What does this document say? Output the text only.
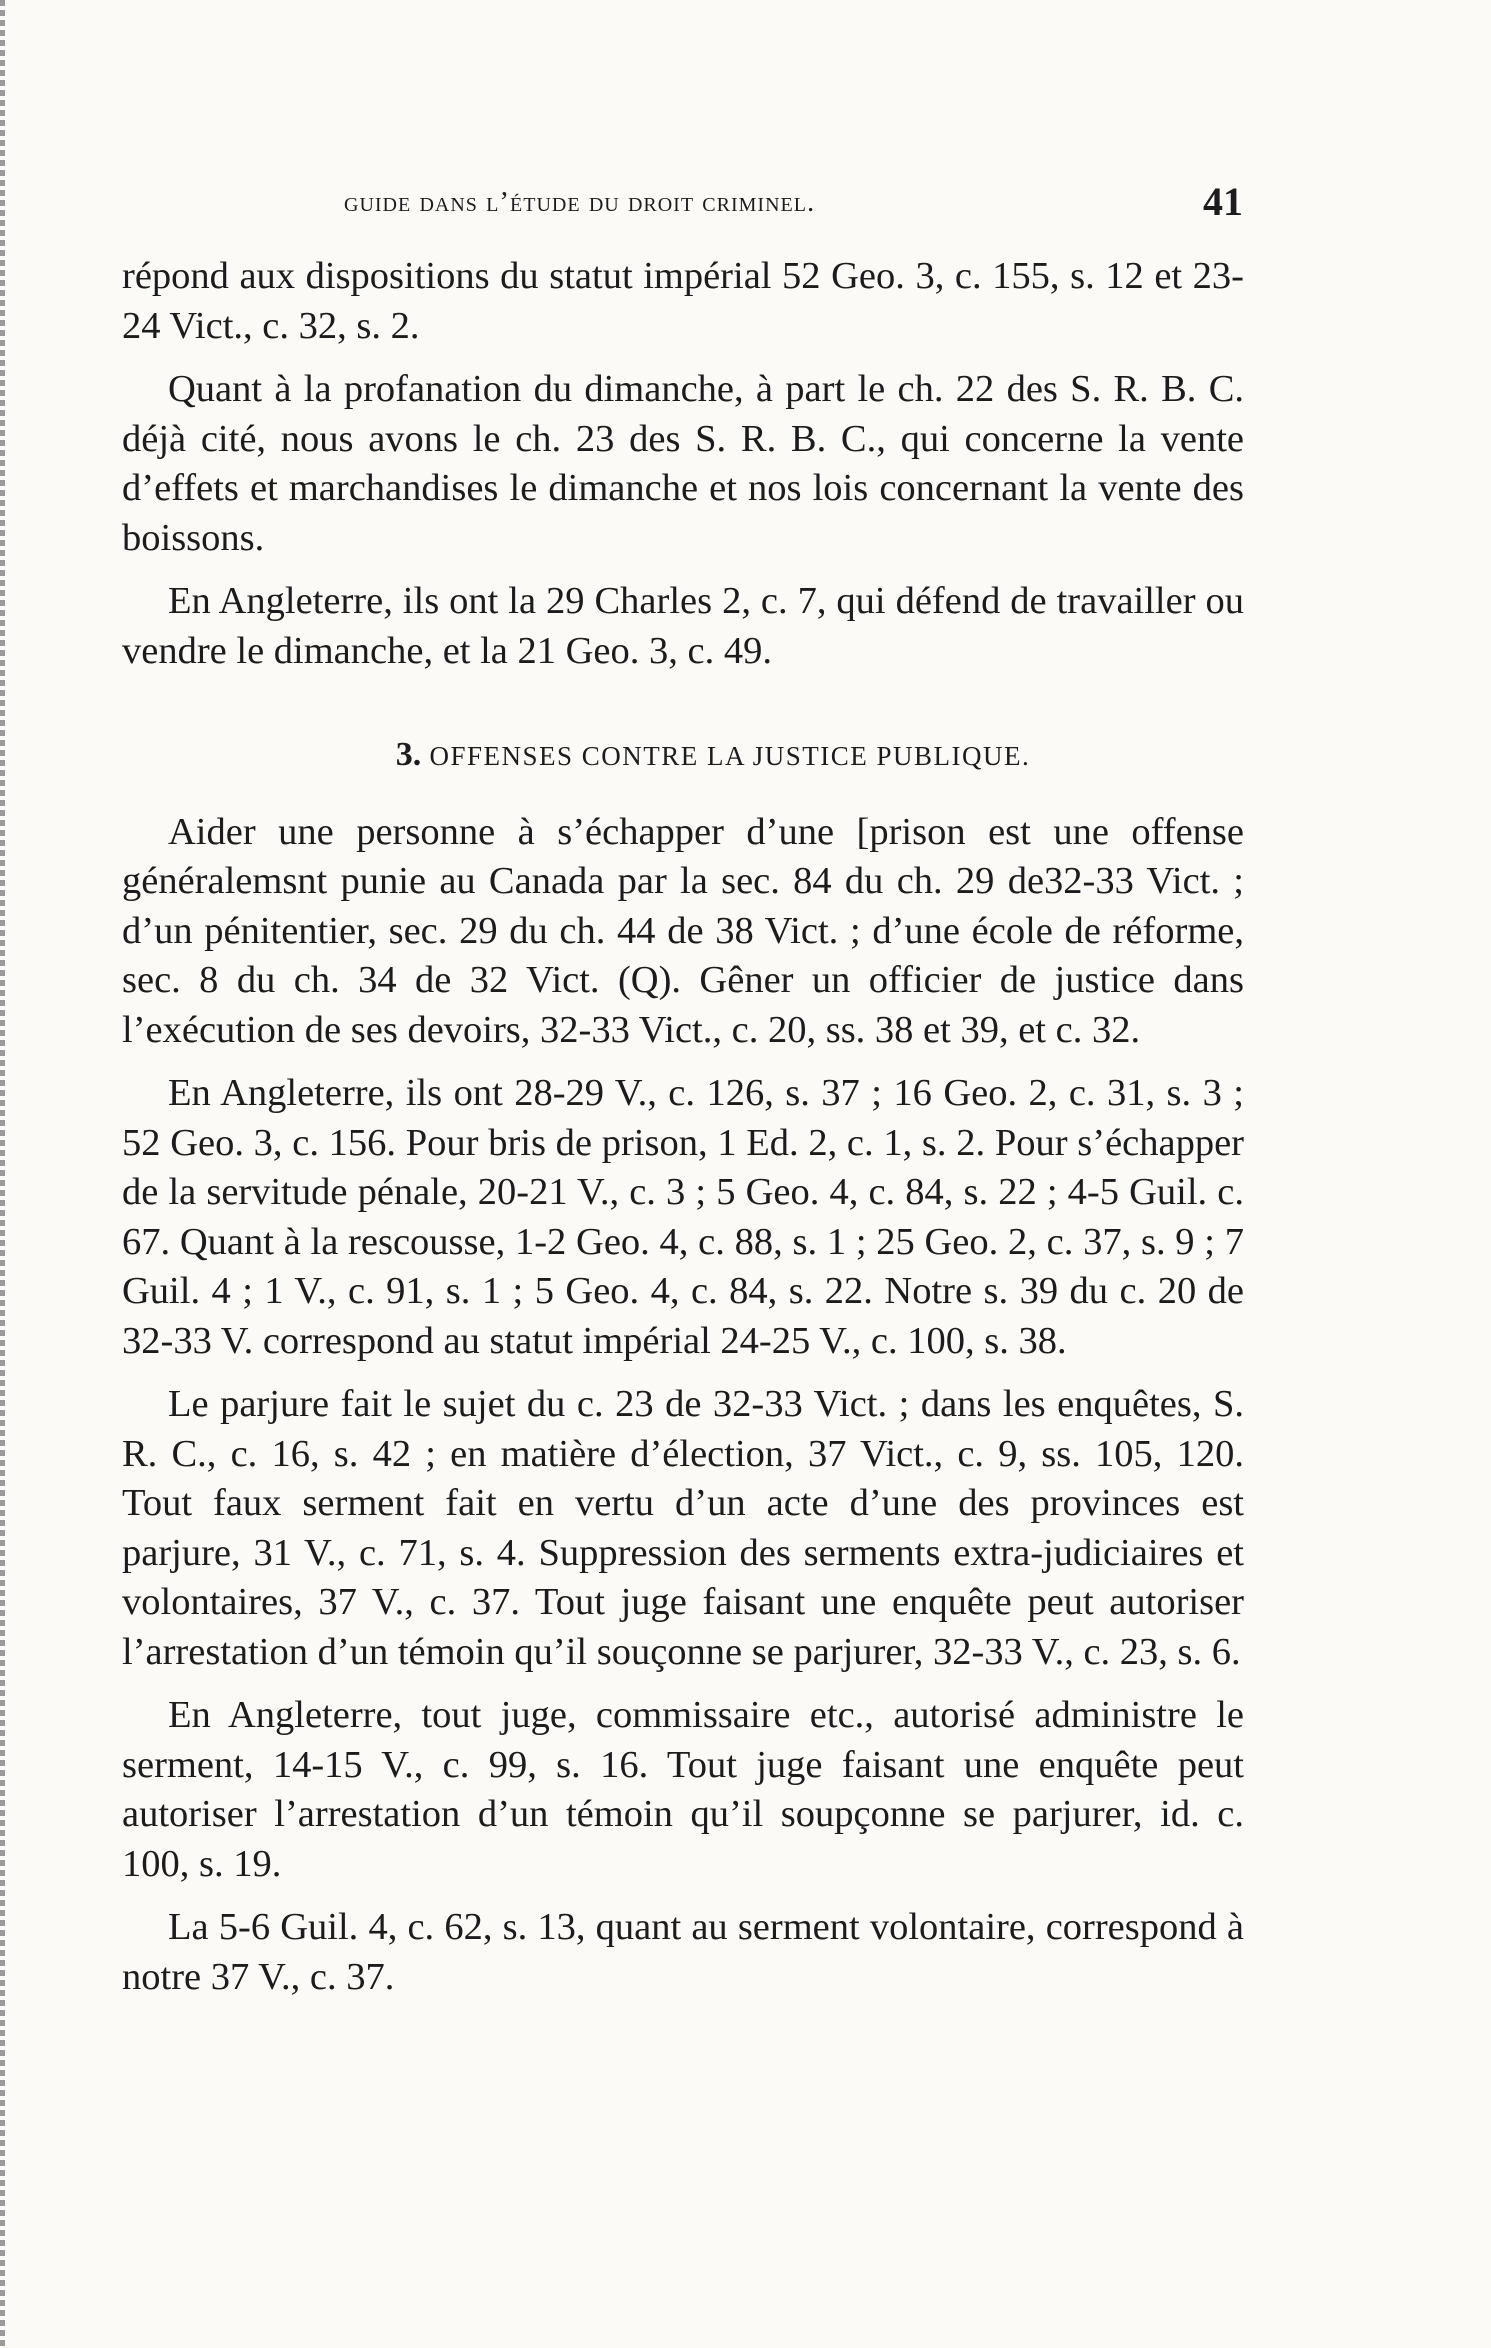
guide dans l’étude du droit criminel.	41

répond aux dispositions du statut impérial 52 Geo. 3, c. 155, s. 12 et 23-24 Vict., c. 32, s. 2.

Quant à la profanation du dimanche, à part le ch. 22 des S. R. B. C. déjà cité, nous avons le ch. 23 des S. R. B. C., qui concerne la vente d’effets et marchandises le dimanche et nos lois concernant la vente des boissons.

En Angleterre, ils ont la 29 Charles 2, c. 7, qui défend de travailler ou vendre le dimanche, et la 21 Geo. 3, c. 49.

3. OFFENSES CONTRE LA JUSTICE PUBLIQUE.

Aider une personne à s’échapper d’une [prison est une offense généralemsnt punie au Canada par la sec. 84 du ch. 29 de32-33 Vict. ; d’un pénitentier, sec. 29 du ch. 44 de 38 Vict. ; d’une école de réforme, sec. 8 du ch. 34 de 32 Vict. (Q). Gêner un officier de justice dans l’exécution de ses devoirs, 32-33 Vict., c. 20, ss. 38 et 39, et c. 32.

En Angleterre, ils ont 28-29 V., c. 126, s. 37 ; 16 Geo. 2, c. 31, s. 3 ; 52 Geo. 3, c. 156. Pour bris de prison, 1 Ed. 2, c. 1, s. 2. Pour s’échapper de la servitude pénale, 20-21 V., c. 3 ; 5 Geo. 4, c. 84, s. 22 ; 4-5 Guil. c. 67. Quant à la rescousse, 1-2 Geo. 4, c. 88, s. 1 ; 25 Geo. 2, c. 37, s. 9 ; 7 Guil. 4 ; 1 V., c. 91, s. 1 ; 5 Geo. 4, c. 84, s. 22. Notre s. 39 du c. 20 de 32-33 V. correspond au statut impérial 24-25 V., c. 100, s. 38.

Le parjure fait le sujet du c. 23 de 32-33 Vict. ; dans les enquêtes, S. R. C., c. 16, s. 42 ; en matière d’élection, 37 Vict., c. 9, ss. 105, 120. Tout faux serment fait en vertu d’un acte d’une des provinces est parjure, 31 V., c. 71, s. 4. Suppression des serments extra-judiciaires et volontaires, 37 V., c. 37. Tout juge faisant une enquête peut autoriser l’arrestation d’un témoin qu’il souçonne se parjurer, 32-33 V., c. 23, s. 6.

En Angleterre, tout juge, commissaire etc., autorisé administre le serment, 14-15 V., c. 99, s. 16. Tout juge faisant une enquête peut autoriser l’arrestation d’un témoin qu’il soupçonne se parjurer, id. c. 100, s. 19.

La 5-6 Guil. 4, c. 62, s. 13, quant au serment volontaire, correspond à notre 37 V., c. 37.
